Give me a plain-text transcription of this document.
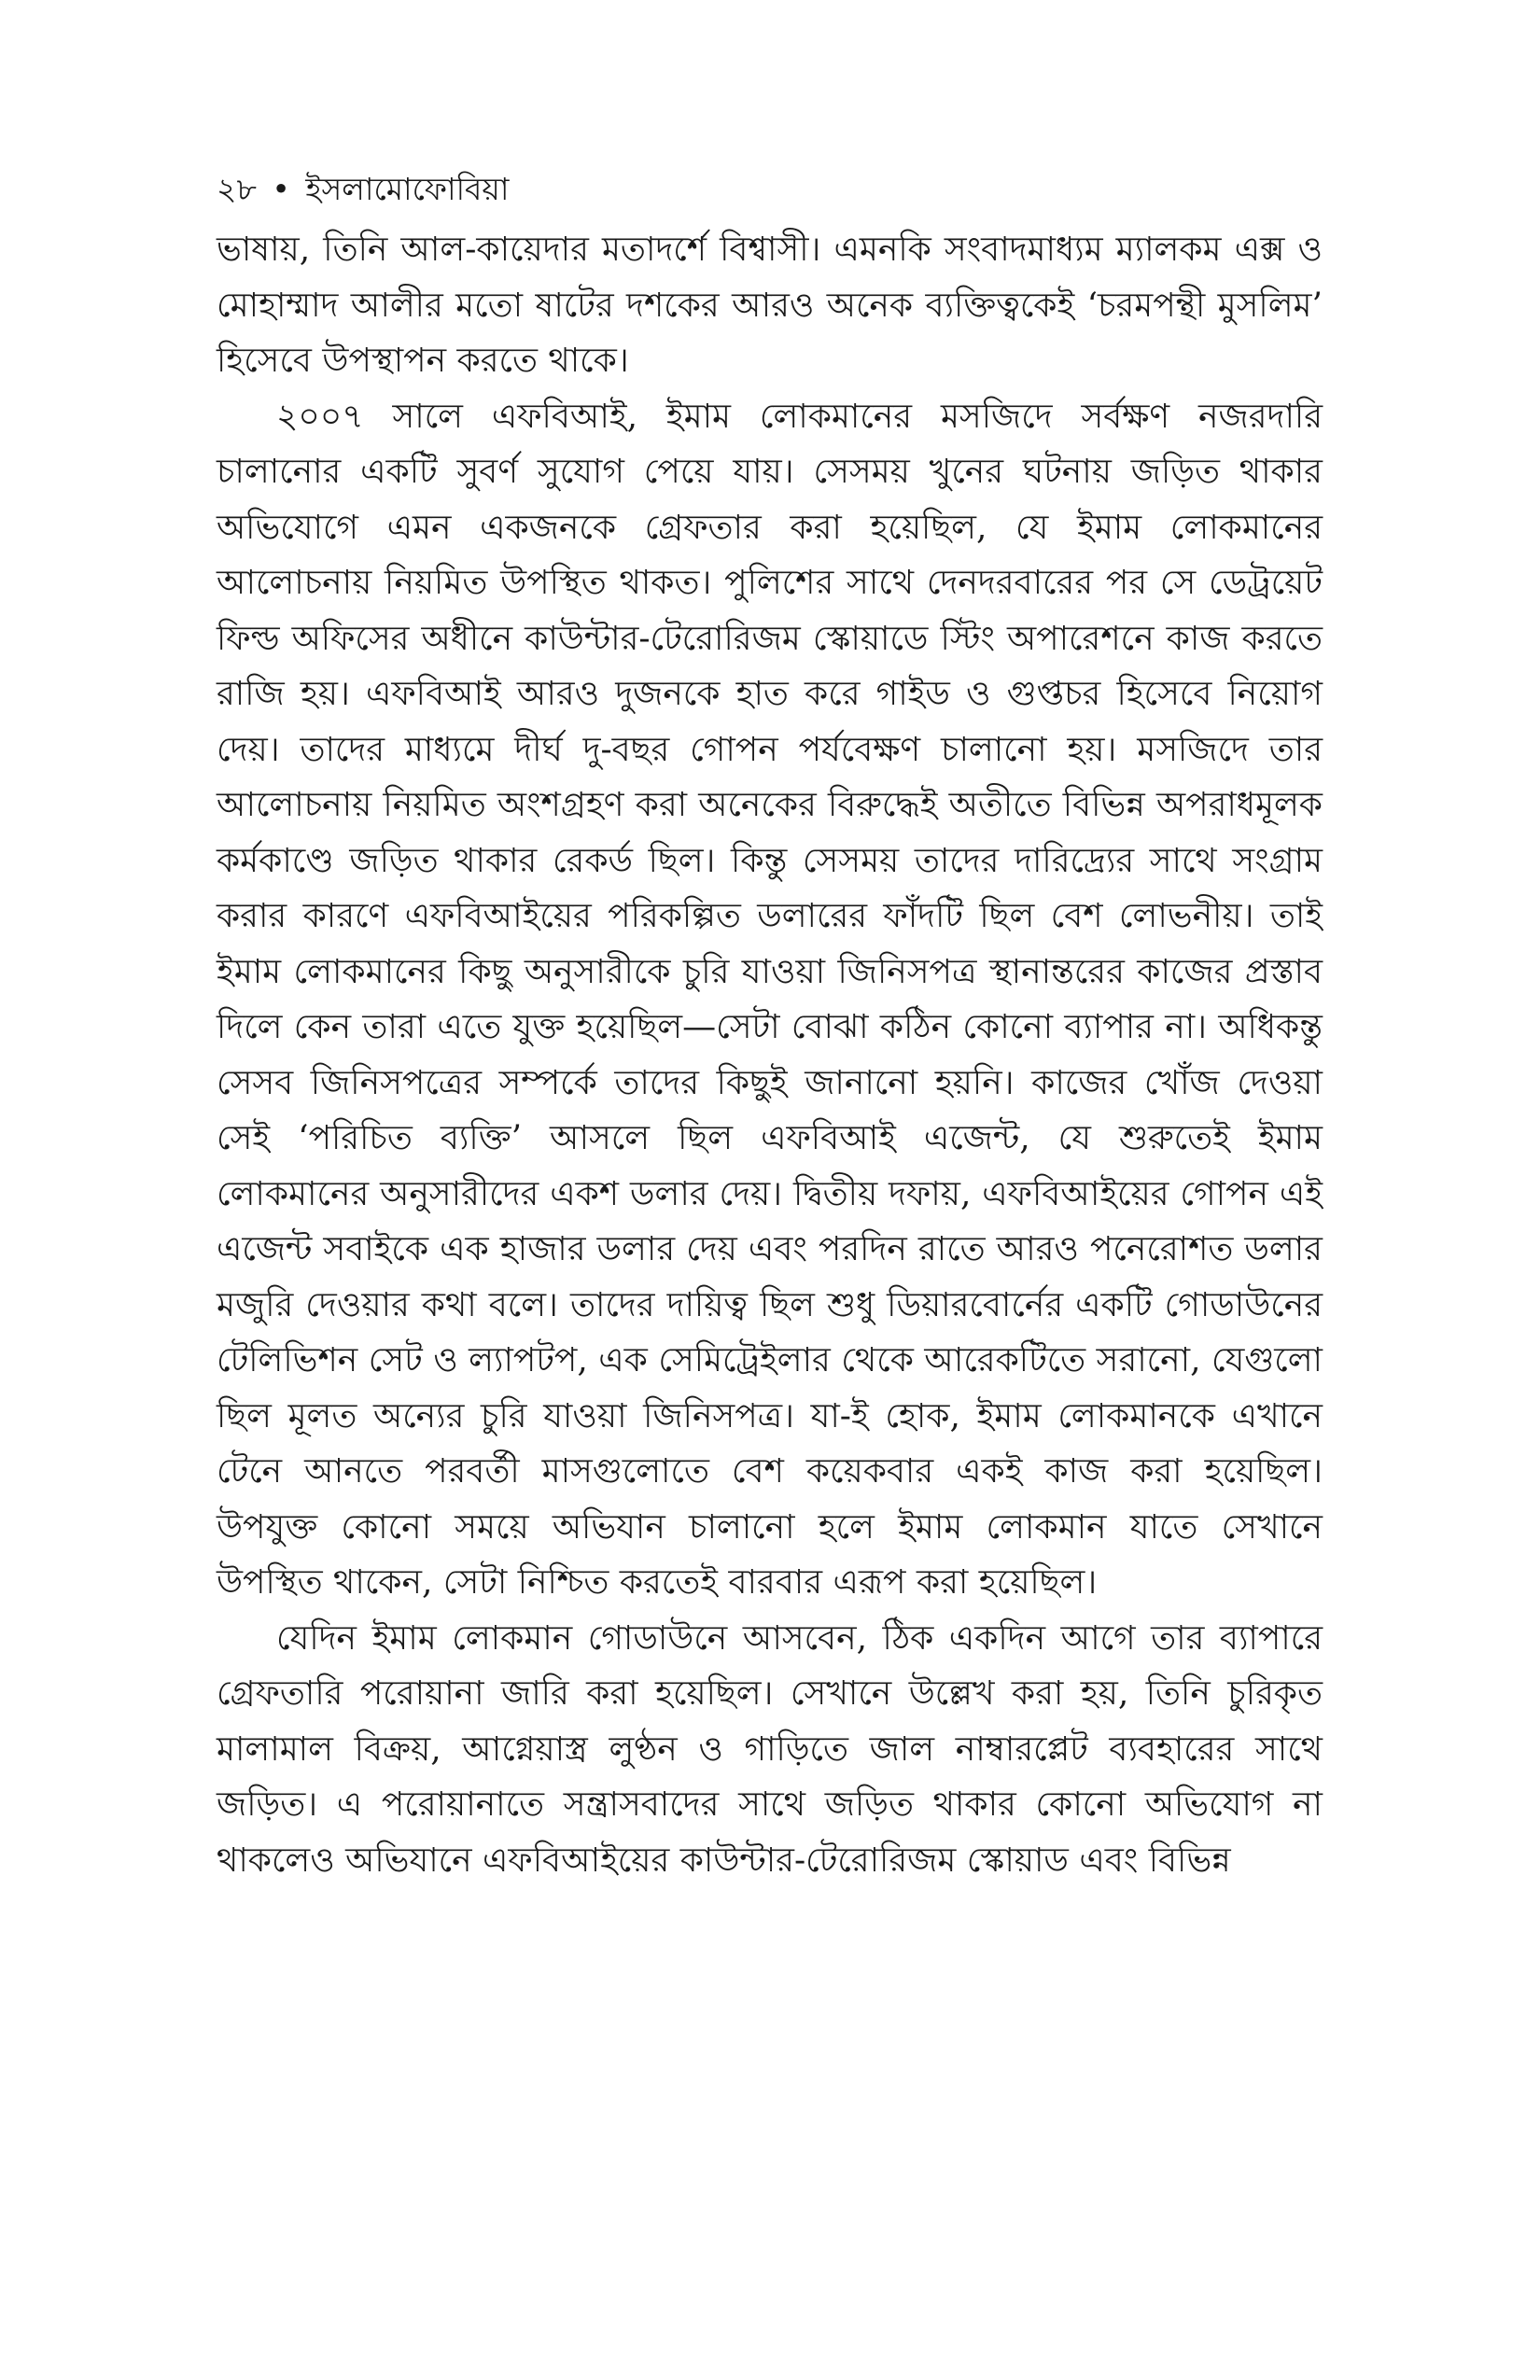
২৮ • ইসলামোফোবিয়া

ভাষায়, তিনি আল-কায়েদার মতাদর্শে বিশ্বাসী। এমনকি সংবাদমাধ্যম ম্যালকম এক্স ও মোহাম্মাদ আলীর মতো ষাটের দশকের আরও অনেক ব্যক্তিত্বকেই ‘চরমপন্থী মুসলিম’ হিসেবে উপস্থাপন করতে থাকে।

২০০৭ সালে এফবিআই, ইমাম লোকমানের মসজিদে সর্বক্ষণ নজরদারি চালানোর একটি সুবর্ণ সুযোগ পেয়ে যায়। সেসময় খুনের ঘটনায় জড়িত থাকার অভিযোগে এমন একজনকে গ্রেফতার করা হয়েছিল, যে ইমাম লোকমানের আলোচনায় নিয়মিত উপস্থিত থাকত। পুলিশের সাথে দেনদরবারের পর সে ডেট্রয়েট ফিল্ড অফিসের অধীনে কাউন্টার-টেরোরিজম স্কোয়াডে স্টিং অপারেশনে কাজ করতে রাজি হয়। এফবিআই আরও দুজনকে হাত করে গাইড ও গুপ্তচর হিসেবে নিয়োগ দেয়। তাদের মাধ্যমে দীর্ঘ দু-বছর গোপন পর্যবেক্ষণ চালানো হয়। মসজিদে তার আলোচনায় নিয়মিত অংশগ্রহণ করা অনেকের বিরুদ্ধেই অতীতে বিভিন্ন অপরাধমূলক কর্মকাণ্ডে জড়িত থাকার রেকর্ড ছিল। কিন্তু সেসময় তাদের দারিদ্র্যের সাথে সংগ্রাম করার কারণে এফবিআইয়ের পরিকল্পিত ডলারের ফাঁদটি ছিল বেশ লোভনীয়। তাই ইমাম লোকমানের কিছু অনুসারীকে চুরি যাওয়া জিনিসপত্র স্থানান্তরের কাজের প্রস্তাব দিলে কেন তারা এতে যুক্ত হয়েছিল—সেটা বোঝা কঠিন কোনো ব্যাপার না। অধিকন্তু সেসব জিনিসপত্রের সম্পর্কে তাদের কিছুই জানানো হয়নি। কাজের খোঁজ দেওয়া সেই ‘পরিচিত ব্যক্তি’ আসলে ছিল এফবিআই এজেন্ট, যে শুরুতেই ইমাম লোকমানের অনুসারীদের একশ ডলার দেয়। দ্বিতীয় দফায়, এফবিআইয়ের গোপন এই এজেন্ট সবাইকে এক হাজার ডলার দেয় এবং পরদিন রাতে আরও পনেরোশত ডলার মজুরি দেওয়ার কথা বলে। তাদের দায়িত্ব ছিল শুধু ডিয়ারবোর্নের একটি গোডাউনের টেলিভিশন সেট ও ল্যাপটপ, এক সেমিট্রেইলার থেকে আরেকটিতে সরানো, যেগুলো ছিল মূলত অন্যের চুরি যাওয়া জিনিসপত্র। যা-ই হোক, ইমাম লোকমানকে এখানে টেনে আনতে পরবর্তী মাসগুলোতে বেশ কয়েকবার একই কাজ করা হয়েছিল। উপযুক্ত কোনো সময়ে অভিযান চালানো হলে ইমাম লোকমান যাতে সেখানে উপস্থিত থাকেন, সেটা নিশ্চিত করতেই বারবার এরূপ করা হয়েছিল।

যেদিন ইমাম লোকমান গোডাউনে আসবেন, ঠিক একদিন আগে তার ব্যাপারে গ্রেফতারি পরোয়ানা জারি করা হয়েছিল। সেখানে উল্লেখ করা হয়, তিনি চুরিকৃত মালামাল বিক্রয়, আগ্নেয়াস্ত্র লুণ্ঠন ও গাড়িতে জাল নাম্বারপ্লেট ব্যবহারের সাথে জড়িত। এ পরোয়ানাতে সন্ত্রাসবাদের সাথে জড়িত থাকার কোনো অভিযোগ না থাকলেও অভিযানে এফবিআইয়ের কাউন্টার-টেরোরিজম স্কোয়াড এবং বিভিন্ন
